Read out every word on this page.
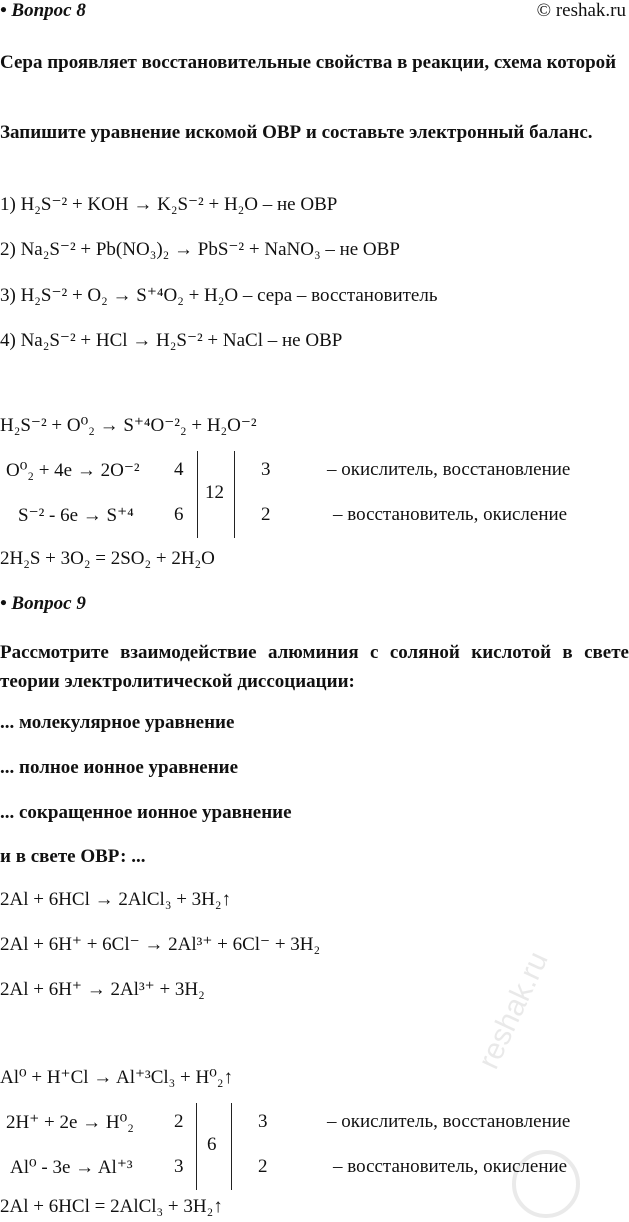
reshak.ru
• Вопрос 8	© reshak.ru
Сера проявляет восстановительные свойства в реакции, схема которой
Запишите уравнение искомой ОВР и составьте электронный баланс.
1) H₂S⁻² + KOH → K₂S⁻² + H₂O – не ОВР
2) Na₂S⁻² + Pb(NO₃)₂ → PbS⁻² + NaNO₃ – не ОВР
3) H₂S⁻² + O₂ → S⁺⁴O₂ + H₂O – сера – восстановитель
4) Na₂S⁻² + HCl → H₂S⁻² + NaCl – не ОВР
H₂S⁻² + O⁰₂ → S⁺⁴O⁻²₂ + H₂O⁻²
O⁰₂ + 4e → 2O⁻² 4	3	– окислитель, восстановление
12
S⁻² - 6e → S⁺⁴ 6	2	– восстановитель, окисление
2H₂S + 3O₂ = 2SO₂ + 2H₂O
• Вопрос 9
Рассмотрите взаимодействие алюминия с соляной кислотой в свете теории электролитической диссоциации:
... молекулярное уравнение
... полное ионное уравнение
... сокращенное ионное уравнение
и в свете ОВР: ...
2Al + 6HCl → 2AlCl₃ + 3H₂↑
2Al + 6H⁺ + 6Cl⁻ → 2Al³⁺ + 6Cl⁻ + 3H₂
2Al + 6H⁺ → 2Al³⁺ + 3H₂
Al⁰ + H⁺Cl → Al⁺³Cl₃ + H⁰₂↑
2H⁺ + 2e → H⁰₂ 2	3	– окислитель, восстановление
6
Al⁰ - 3e → Al⁺³ 3	2	– восстановитель, окисление
2Al + 6HCl = 2AlCl₃ + 3H₂↑
